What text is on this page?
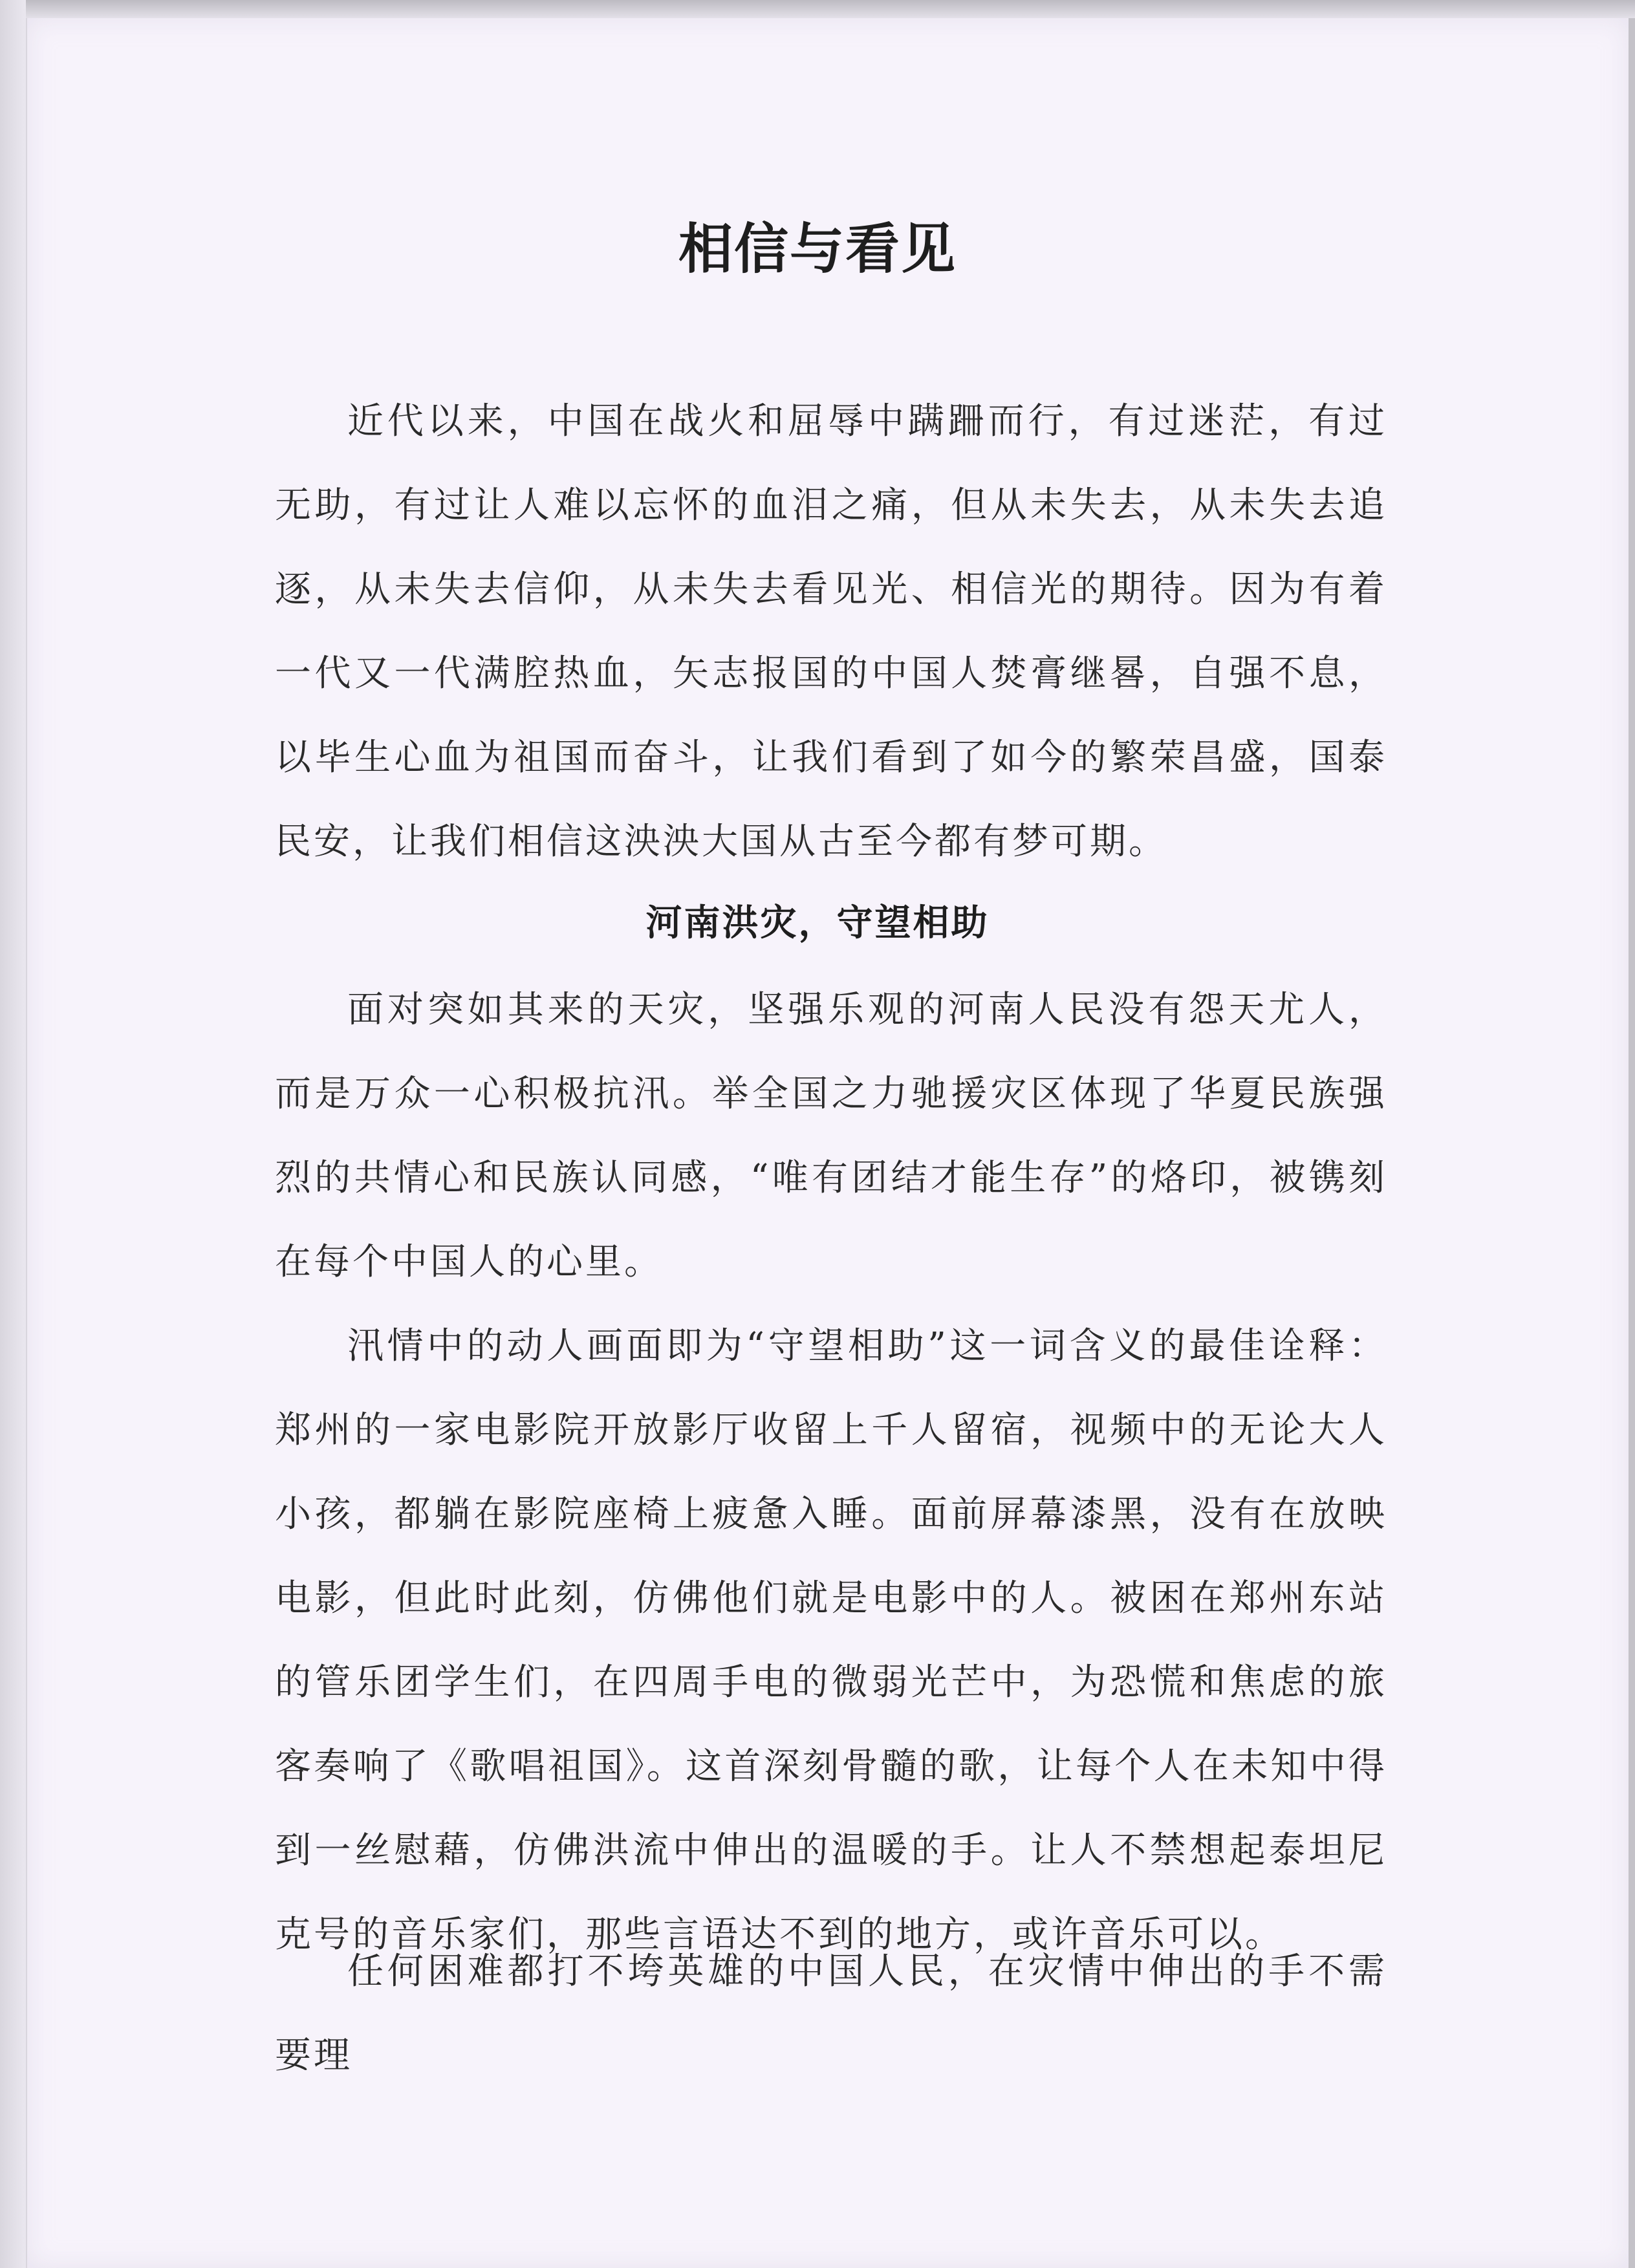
相信与看见

近代以来，中国在战火和屈辱中蹒跚而行，有过迷茫，有过无助，有过让人难以忘怀的血泪之痛，但从未失去，从未失去追逐，从未失去信仰，从未失去看见光、相信光的期待。因为有着一代又一代满腔热血，矢志报国的中国人焚膏继晷，自强不息，以毕生心血为祖国而奋斗，让我们看到了如今的繁荣昌盛，国泰民安，让我们相信这泱泱大国从古至今都有梦可期。

河南洪灾，守望相助

面对突如其来的天灾，坚强乐观的河南人民没有怨天尤人，而是万众一心积极抗汛。举全国之力驰援灾区体现了华夏民族强烈的共情心和民族认同感，“唯有团结才能生存”的烙印，被镌刻在每个中国人的心里。

汛情中的动人画面即为“守望相助”这一词含义的最佳诠释：郑州的一家电影院开放影厅收留上千人留宿，视频中的无论大人小孩，都躺在影院座椅上疲惫入睡。面前屏幕漆黑，没有在放映电影，但此时此刻，仿佛他们就是电影中的人。被困在郑州东站的管乐团学生们，在四周手电的微弱光芒中，为恐慌和焦虑的旅客奏响了《歌唱祖国》。这首深刻骨髓的歌，让每个人在未知中得到一丝慰藉，仿佛洪流中伸出的温暖的手。让人不禁想起泰坦尼克号的音乐家们，那些言语达不到的地方，或许音乐可以。

任何困难都打不垮英雄的中国人民，在灾情中伸出的手不需要理
